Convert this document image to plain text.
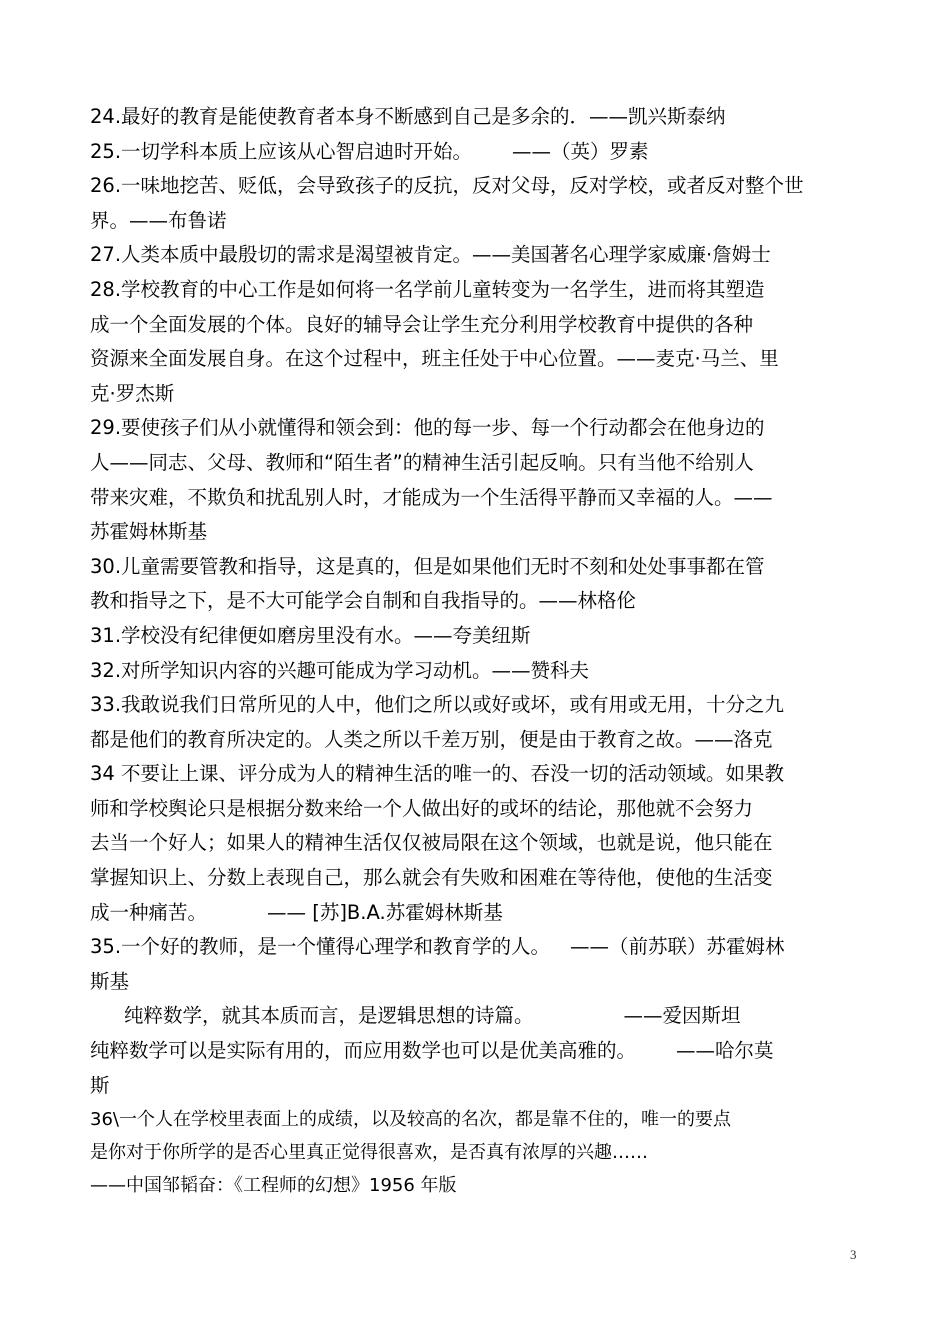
24.最好的教育是能使教育者本身不断感到自己是多余的．——凯兴斯泰纳
25.一切学科本质上应该从心智启迪时开始。 ——（英）罗素
26.一味地挖苦、贬低，会导致孩子的反抗，反对父母，反对学校，或者反对整个世
界。——布鲁诺
27.人类本质中最殷切的需求是渴望被肯定。——美国著名心理学家威廉·詹姆士
28.学校教育的中心工作是如何将一名学前儿童转变为一名学生，进而将其塑造
成一个全面发展的个体。良好的辅导会让学生充分利用学校教育中提供的各种
资源来全面发展自身。在这个过程中，班主任处于中心位置。——麦克·马兰、里
克·罗杰斯
29.要使孩子们从小就懂得和领会到：他的每一步、每一个行动都会在他身边的
人——同志、父母、教师和“陌生者”的精神生活引起反响。只有当他不给别人
带来灾难，不欺负和扰乱别人时，才能成为一个生活得平静而又幸福的人。——
苏霍姆林斯基
30.儿童需要管教和指导，这是真的，但是如果他们无时不刻和处处事事都在管
教和指导之下，是不大可能学会自制和自我指导的。——林格伦
31.学校没有纪律便如磨房里没有水。——夸美纽斯
32.对所学知识内容的兴趣可能成为学习动机。——赞科夫
33.我敢说我们日常所见的人中，他们之所以或好或坏，或有用或无用，十分之九
都是他们的教育所决定的。人类之所以千差万别，便是由于教育之故。——洛克
34 不要让上课、评分成为人的精神生活的唯一的、吞没一切的活动领域。如果教
师和学校舆论只是根据分数来给一个人做出好的或坏的结论，那他就不会努力
去当一个好人；如果人的精神生活仅仅被局限在这个领域，也就是说，他只能在
掌握知识上、分数上表现自己，那么就会有失败和困难在等待他，使他的生活变
成一种痛苦。	—— [苏]B.A.苏霍姆林斯基
35.一个好的教师，是一个懂得心理学和教育学的人。 ——（前苏联）苏霍姆林
斯基
纯粹数学，就其本质而言，是逻辑思想的诗篇。	——爱因斯坦
纯粹数学可以是实际有用的，而应用数学也可以是优美高雅的。 ——哈尔莫
斯
36\一个人在学校里表面上的成绩，以及较高的名次，都是靠不住的，唯一的要点
是你对于你所学的是否心里真正觉得很喜欢，是否真有浓厚的兴趣……
——中国邹韬奋：《工程师的幻想》1956 年版
3
